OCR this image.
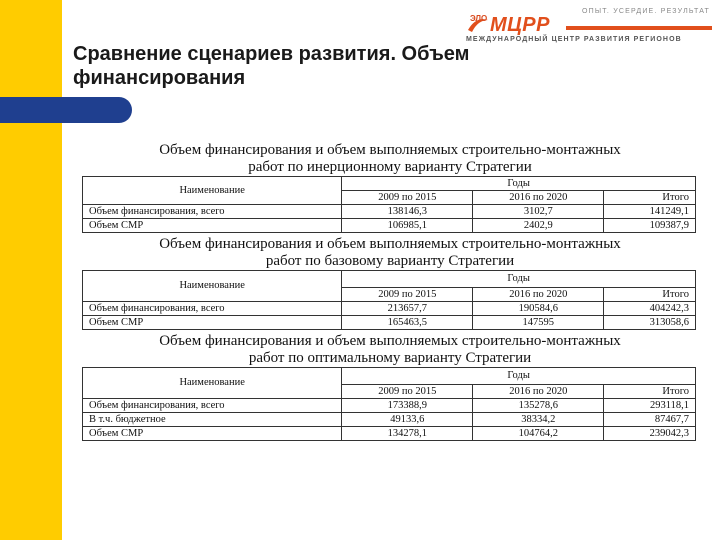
ОПЫТ. УСЕРДИЕ. РЕЗУЛЬТАТ
ЭЛО МЦРР
МЕЖДУНАРОДНЫЙ ЦЕНТР РАЗВИТИЯ РЕГИОНОВ
Сравнение сценариев развития. Объем финансирования

Объем финансирования и объем выполняемых строительно-монтажных

работ по инерционному варианту Стратегии

Наименование	Годы		
	2009 по 2015	2016 по 2020	Итого
Объем финансирования, всего	138146,3	3102,7	141249,1
Объем СМР	106985,1	2402,9	109387,9

Объем финансирования и объем выполняемых строительно-монтажных

работ по базовому варианту Стратегии

Наименование	Годы		
	2009 по 2015	2016 по 2020	Итого
Объем финансирования, всего	213657,7	190584,6	404242,3
Объем СМР	165463,5	147595	313058,6

Объем финансирования и объем выполняемых строительно-монтажных

работ по оптимальному варианту Стратегии

Наименование	Годы		
	2009 по 2015	2016 по 2020	Итого
Объем финансирования, всего	173388,9	135278,6	293118,1
В т.ч. бюджетное	49133,6	38334,2	87467,7
Объем СМР	134278,1	104764,2	239042,3
